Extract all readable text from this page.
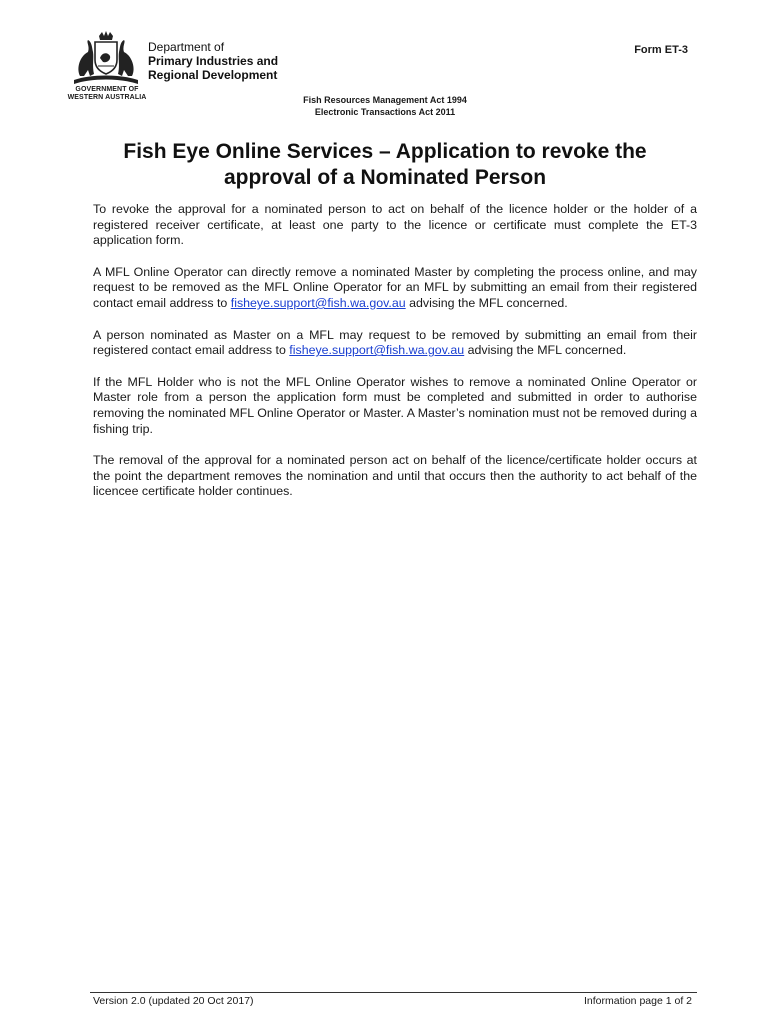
GOVERNMENT OF
WESTERN AUSTRALIA
Department of
Primary Industries and
Regional Development
Form ET-3
Fish Resources Management Act 1994
Electronic Transactions Act 2011
Fish Eye Online Services – Application to revoke the
approval of a Nominated Person

To revoke the approval for a nominated person to act on behalf of the licence holder or the holder of a registered receiver certificate, at least one party to the licence or certificate must complete the ET-3 application form.

A MFL Online Operator can directly remove a nominated Master by completing the process online, and may request to be removed as the MFL Online Operator for an MFL by submitting an email from their registered contact email address to fisheye.support@fish.wa.gov.au advising the MFL concerned.

A person nominated as Master on a MFL may request to be removed by submitting an email from their registered contact email address to fisheye.support@fish.wa.gov.au advising the MFL concerned.

If the MFL Holder who is not the MFL Online Operator wishes to remove a nominated Online Operator or Master role from a person the application form must be completed and submitted in order to authorise removing the nominated MFL Online Operator or Master. A Master’s nomination must not be removed during a fishing trip.

The removal of the approval for a nominated person act on behalf of the licence/certificate holder occurs at the point the department removes the nomination and until that occurs then the authority to act behalf of the licencee certificate holder continues.

Version 2.0 (updated 20 Oct 2017)	Information page 1 of 2
